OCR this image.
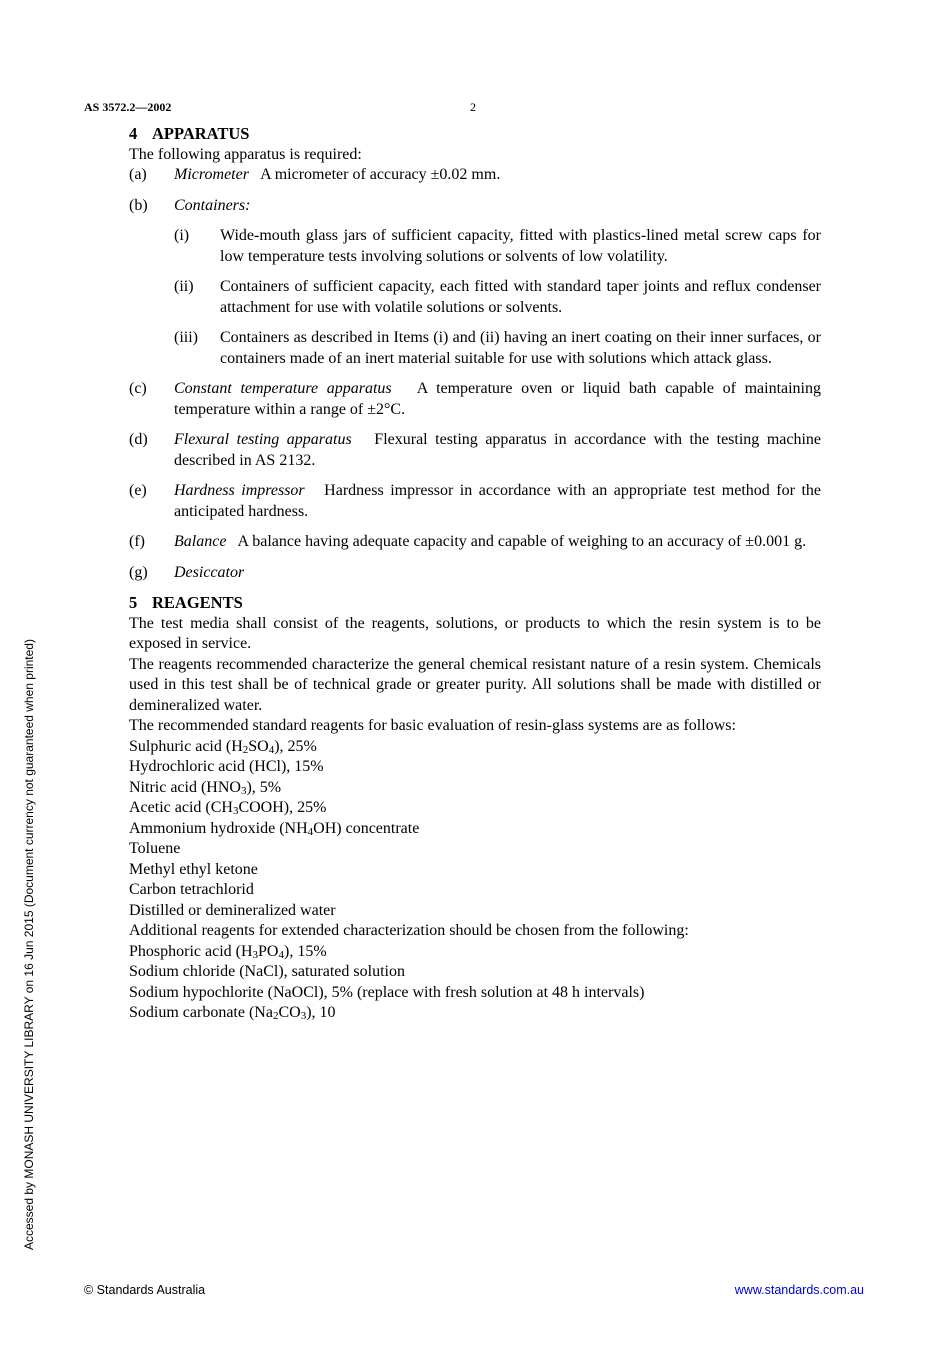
AS 3572.2—2002	2
4 APPARATUS

The following apparatus is required:

(a) Micrometer A micrometer of accuracy ±0.02 mm.
(b) Containers:
(i) Wide-mouth glass jars of sufficient capacity, fitted with plastics-lined metal screw caps for low temperature tests involving solutions or solvents of low volatility.
(ii) Containers of sufficient capacity, each fitted with standard taper joints and reflux condenser attachment for use with volatile solutions or solvents.
(iii) Containers as described in Items (i) and (ii) having an inert coating on their inner surfaces, or containers made of an inert material suitable for use with solutions which attack glass.
(c) Constant temperature apparatus A temperature oven or liquid bath capable of maintaining temperature within a range of ±2°C.
(d) Flexural testing apparatus Flexural testing apparatus in accordance with the testing machine described in AS 2132.
(e) Hardness impressor Hardness impressor in accordance with an appropriate test method for the anticipated hardness.
(f) Balance A balance having adequate capacity and capable of weighing to an accuracy of ±0.001 g.
(g) Desiccator
5 REAGENTS

The test media shall consist of the reagents, solutions, or products to which the resin system is to be exposed in service.

The reagents recommended characterize the general chemical resistant nature of a resin system. Chemicals used in this test shall be of technical grade or greater purity. All solutions shall be made with distilled or demineralized water.

The recommended standard reagents for basic evaluation of resin-glass systems are as follows:

Sulphuric acid $(H_2SO_4)$, 25%

Hydrochloric acid (HCl), 15%

Nitric acid $(HNO_3)$, 5%

Acetic acid $(CH_3COOH)$, 25%

Ammonium hydroxide $(NH_4OH)$ concentrate

Toluene

Methyl ethyl ketone

Carbon tetrachlorid

Distilled or demineralized water

Additional reagents for extended characterization should be chosen from the following:

Phosphoric acid $(H_3PO_4)$, 15%

Sodium chloride (NaCl), saturated solution

Sodium hypochlorite (NaOCl), 5% (replace with fresh solution at 48 h intervals)

Sodium carbonate $(Na_2CO_3)$, 10

Accessed by MONASH UNIVERSITY LIBRARY on 16 Jun 2015 (Document currency not guaranteed when printed)
© Standards Australia	www.standards.com.au
